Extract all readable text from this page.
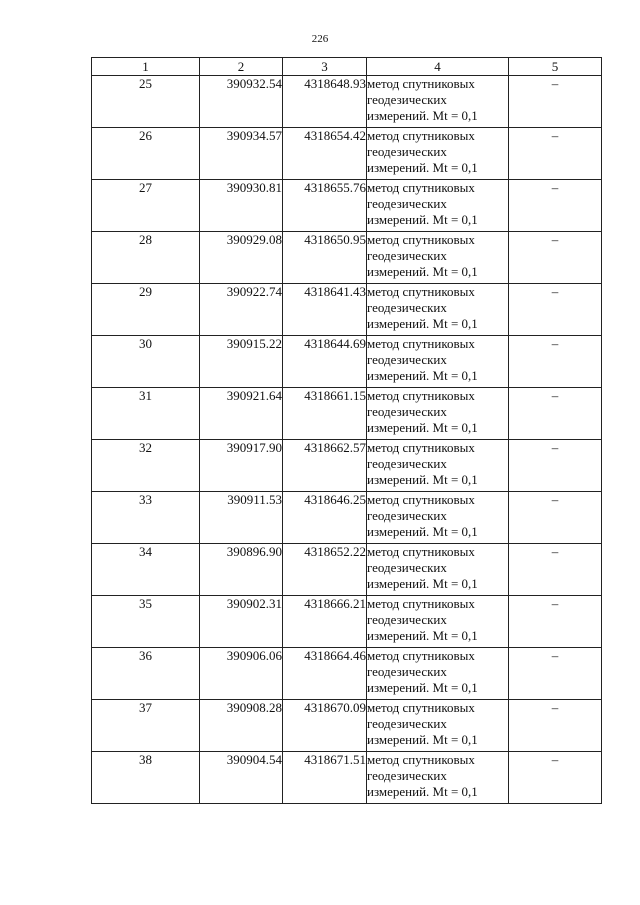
226
1	2	3	4	5
25	390932.54	4318648.93	метод спутниковых геодезических измерений. Mt = 0,1	–
26	390934.57	4318654.42	метод спутниковых геодезических измерений. Mt = 0,1	–
27	390930.81	4318655.76	метод спутниковых геодезических измерений. Mt = 0,1	–
28	390929.08	4318650.95	метод спутниковых геодезических измерений. Mt = 0,1	–
29	390922.74	4318641.43	метод спутниковых геодезических измерений. Mt = 0,1	–
30	390915.22	4318644.69	метод спутниковых геодезических измерений. Mt = 0,1	–
31	390921.64	4318661.15	метод спутниковых геодезических измерений. Mt = 0,1	–
32	390917.90	4318662.57	метод спутниковых геодезических измерений. Mt = 0,1	–
33	390911.53	4318646.25	метод спутниковых геодезических измерений. Mt = 0,1	–
34	390896.90	4318652.22	метод спутниковых геодезических измерений. Mt = 0,1	–
35	390902.31	4318666.21	метод спутниковых геодезических измерений. Mt = 0,1	–
36	390906.06	4318664.46	метод спутниковых геодезических измерений. Mt = 0,1	–
37	390908.28	4318670.09	метод спутниковых геодезических измерений. Mt = 0,1	–
38	390904.54	4318671.51	метод спутниковых геодезических измерений. Mt = 0,1	–
